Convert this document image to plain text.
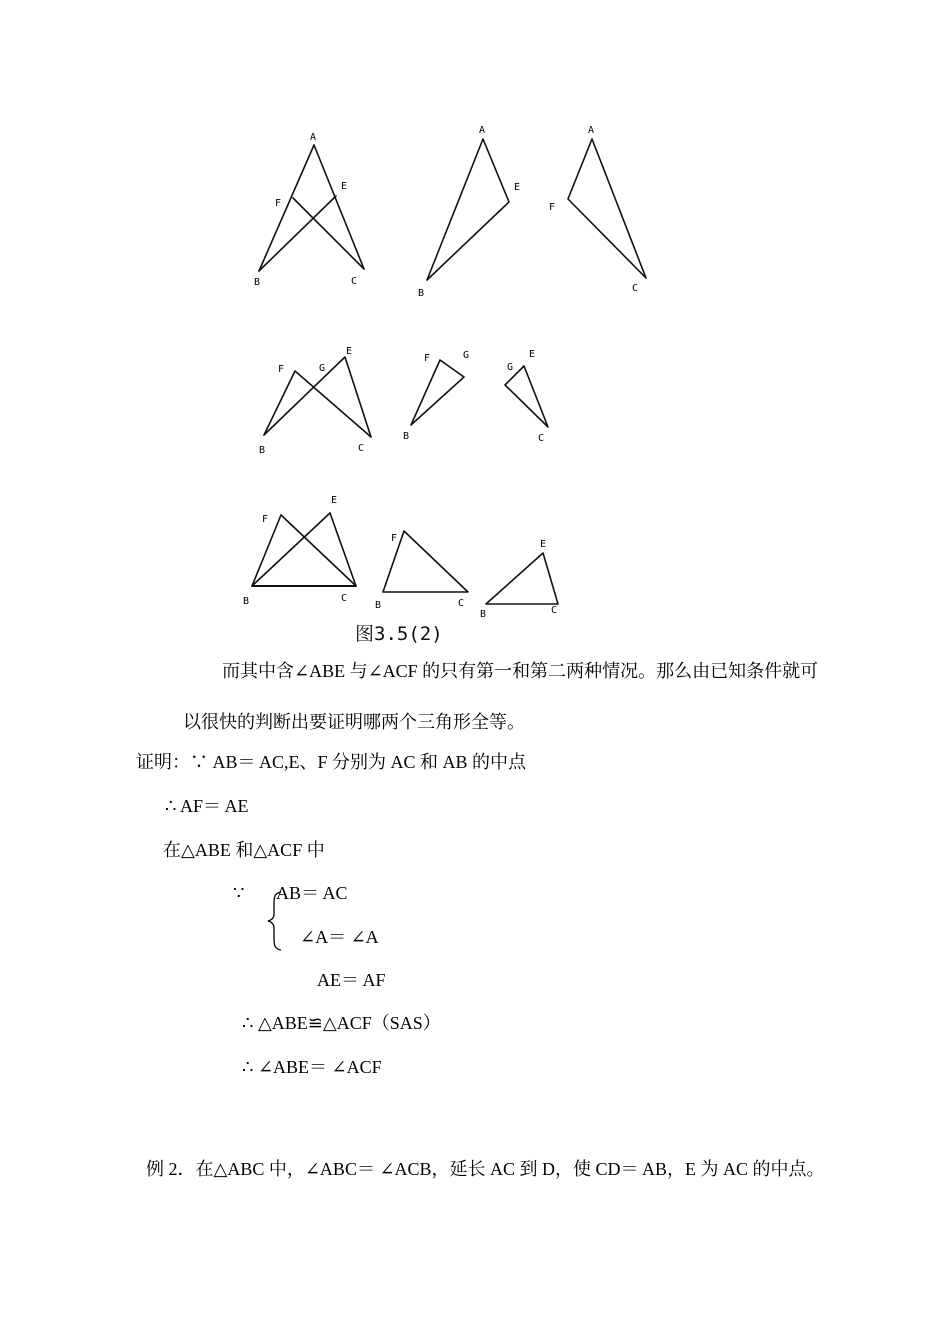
A
E
F
B	C
A
E
B
A
F
C
F	G
E
B	C
F	G
B
G
E
C
F
E
B	C
F
B	C
E
B	C
图3.5(2)
而其中含∠ABE 与∠ACF 的只有第一和第二两种情况。那么由已知条件就可
以很快的判断出要证明哪两个三角形全等。
证明：∵ AB＝ AC,E、F 分别为 AC 和 AB 的中点
∴ AF＝ AE
在△ABE 和△ACF 中
∵ AB＝ AC
∠A＝ ∠A
AE＝ AF
∴ △ABE≌△ACF（SAS）
∴ ∠ABE＝ ∠ACF
例 2．在△ABC 中，∠ABC＝ ∠ACB，延长 AC 到 D，使 CD＝ AB，E 为 AC 的中点。
